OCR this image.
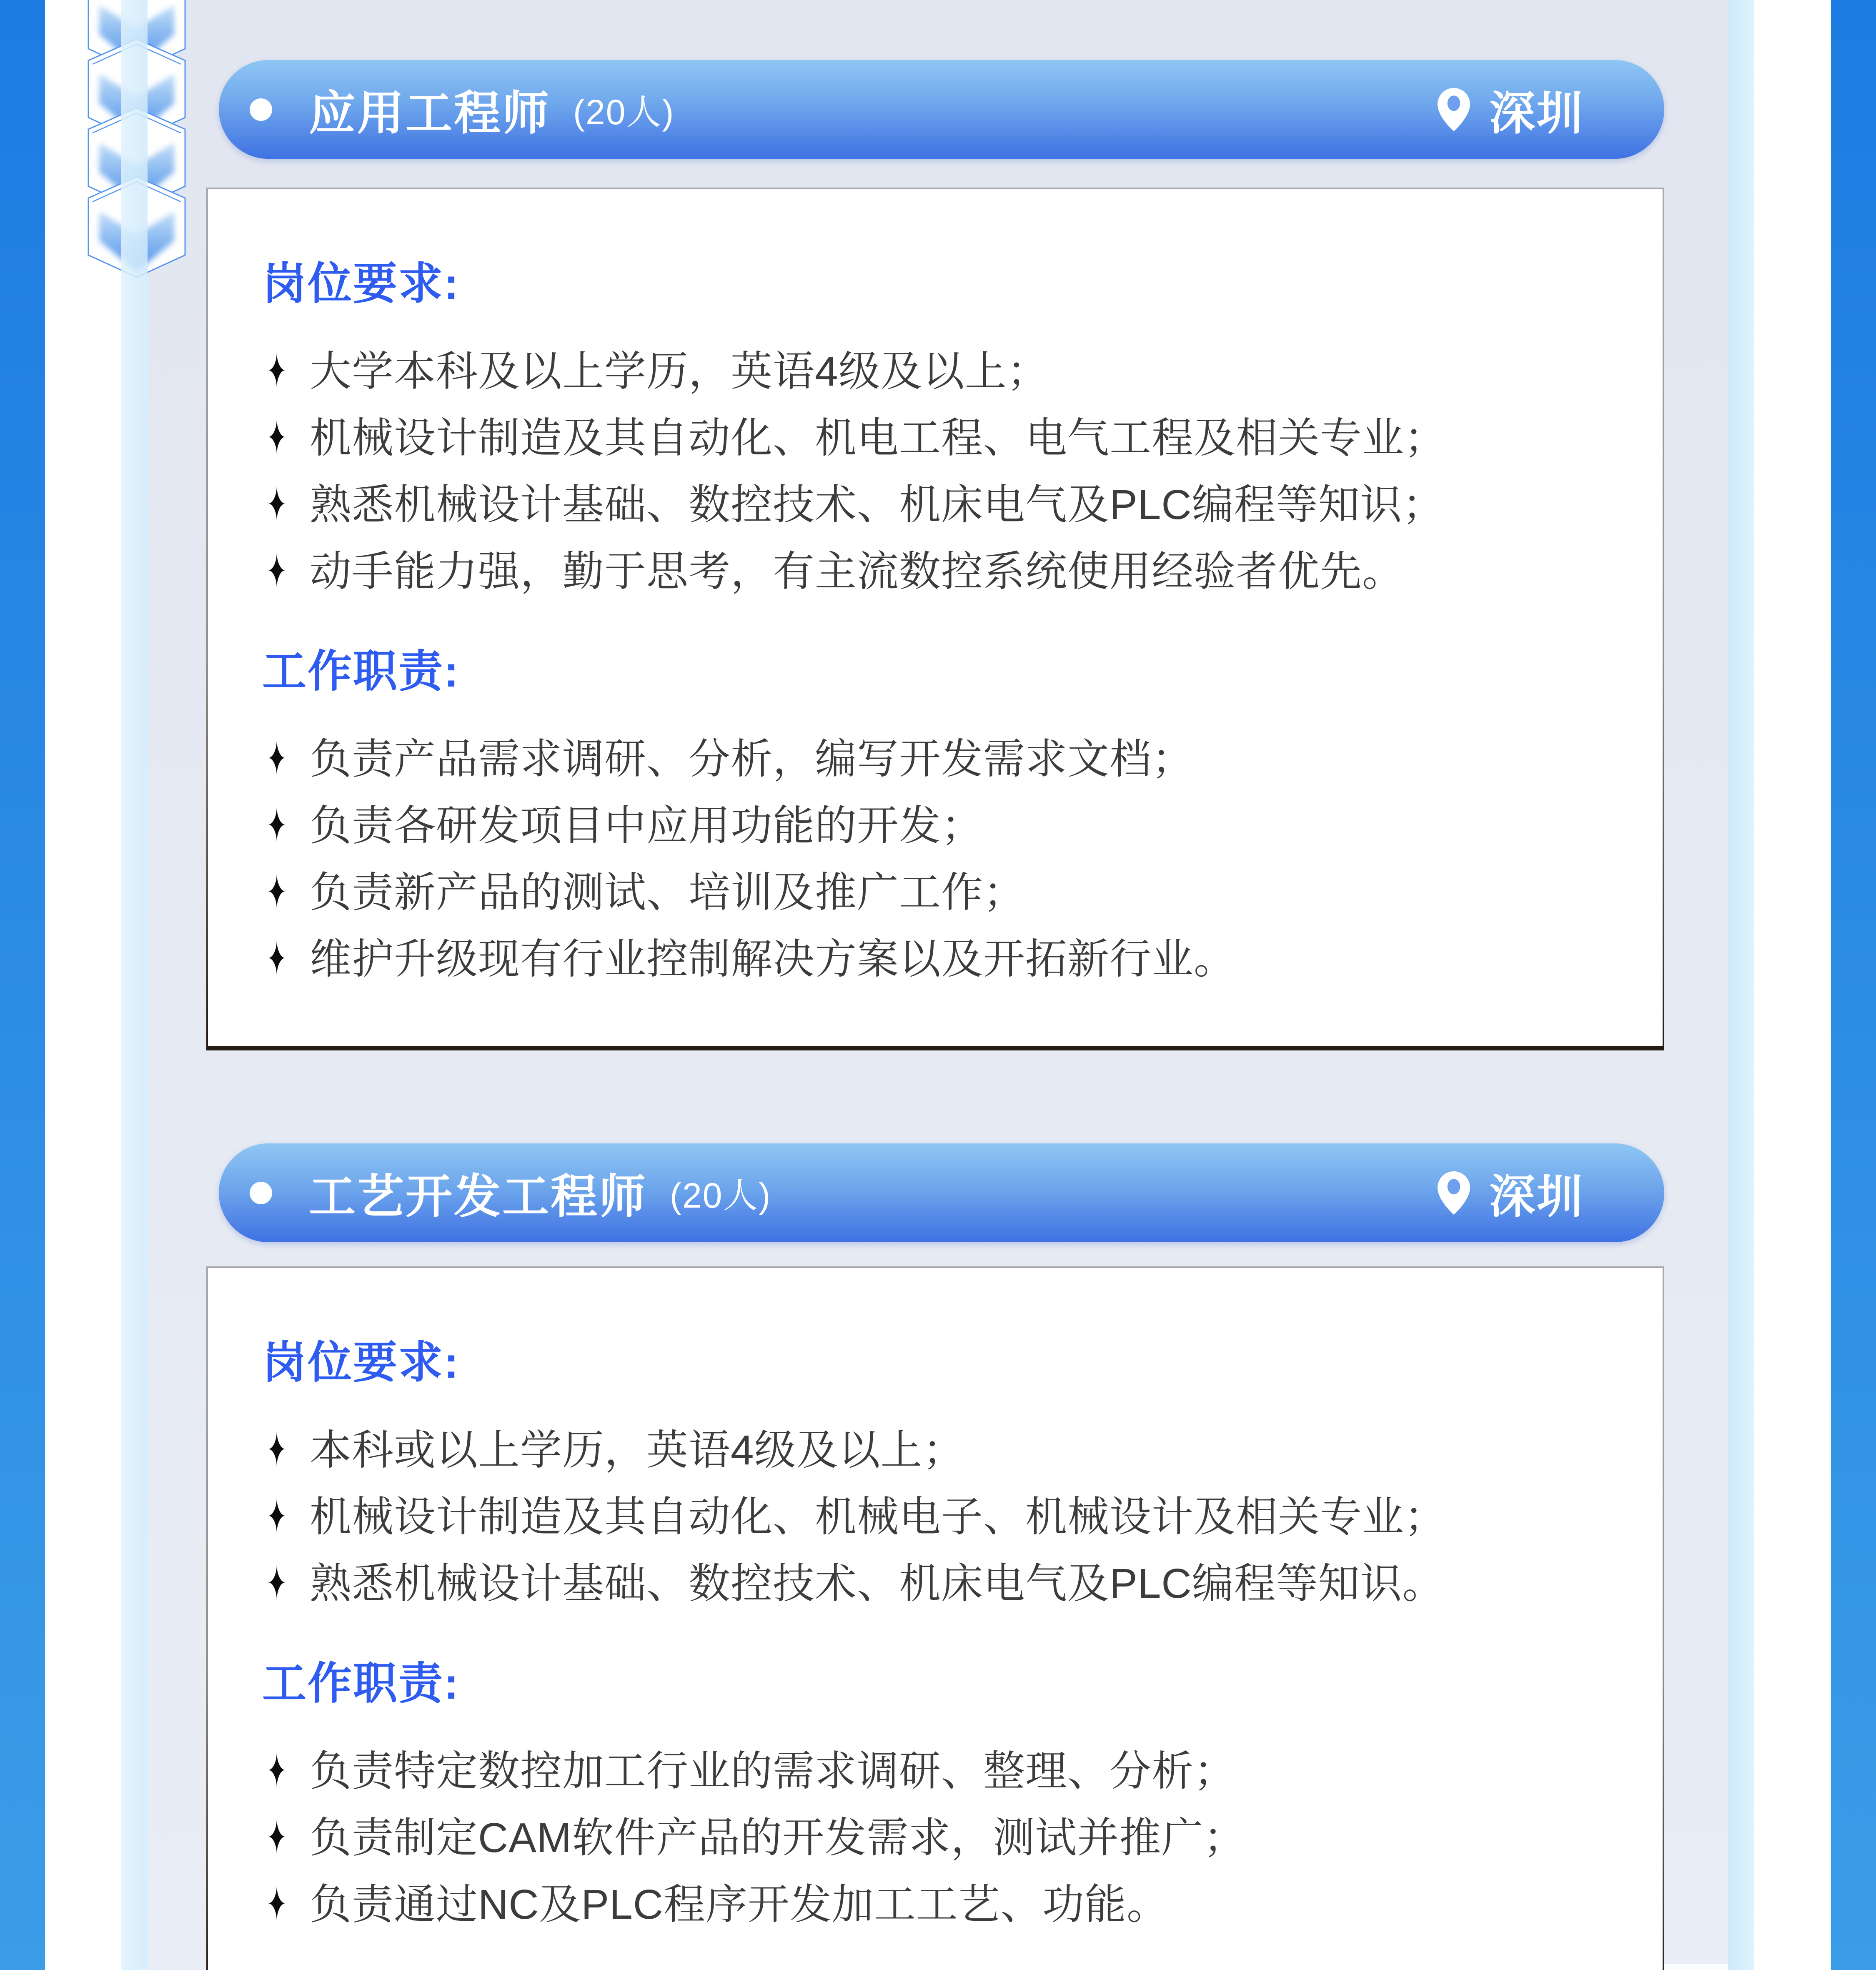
应用工程师 (20人)	深圳
岗位要求:
✦ 大学本科及以上学历，英语4级及以上；
✦ 机械设计制造及其自动化、机电工程、电气工程及相关专业；
✦ 熟悉机械设计基础、数控技术、机床电气及PLC编程等知识；
✦ 动手能力强，勤于思考，有主流数控系统使用经验者优先。
工作职责:
✦ 负责产品需求调研、分析，编写开发需求文档；
✦ 负责各研发项目中应用功能的开发；
✦ 负责新产品的测试、培训及推广工作；
✦ 维护升级现有行业控制解决方案以及开拓新行业。
工艺开发工程师 (20人)	深圳
岗位要求:
✦ 本科或以上学历，英语4级及以上；
✦ 机械设计制造及其自动化、机械电子、机械设计及相关专业；
✦ 熟悉机械设计基础、数控技术、机床电气及PLC编程等知识。
工作职责:
✦ 负责特定数控加工行业的需求调研、整理、分析；
✦ 负责制定CAM软件产品的开发需求，测试并推广；
✦ 负责通过NC及PLC程序开发加工工艺、功能。
